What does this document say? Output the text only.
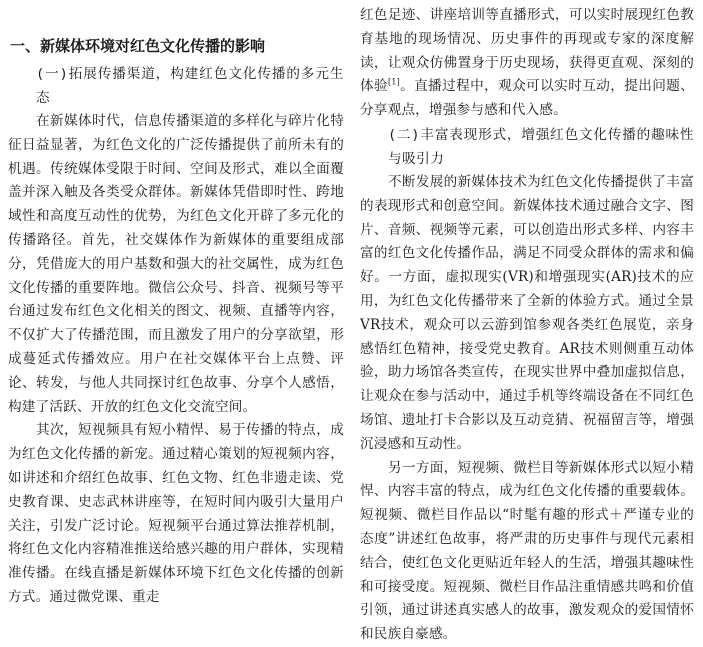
一、新媒体环境对红色文化传播的影响
(一)拓展传播渠道，构建红色文化传播的多元生态

在新媒体时代，信息传播渠道的多样化与碎片化特征日益显著，为红色文化的广泛传播提供了前所未有的机遇。传统媒体受限于时间、空间及形式，难以全面覆盖并深入触及各类受众群体。新媒体凭借即时性、跨地域性和高度互动性的优势，为红色文化开辟了多元化的传播路径。首先，社交媒体作为新媒体的重要组成部分，凭借庞大的用户基数和强大的社交属性，成为红色文化传播的重要阵地。微信公众号、抖音、视频号等平台通过发布红色文化相关的图文、视频、直播等内容，不仅扩大了传播范围，而且激发了用户的分享欲望，形成蔓延式传播效应。用户在社交媒体平台上点赞、评论、转发，与他人共同探讨红色故事、分享个人感悟，构建了活跃、开放的红色文化交流空间。

其次，短视频具有短小精悍、易于传播的特点，成为红色文化传播的新宠。通过精心策划的短视频内容，如讲述和介绍红色故事、红色文物、红色非遗走读、党史教育课、史志武林讲座等，在短时间内吸引大量用户关注，引发广泛讨论。短视频平台通过算法推荐机制，将红色文化内容精准推送给感兴趣的用户群体，实现精准传播。在线直播是新媒体环境下红色文化传播的创新方式。通过微党课、重走

红色足迹、讲座培训等直播形式，可以实时展现红色教育基地的现场情况、历史事件的再现或专家的深度解读，让观众仿佛置身于历史现场，获得更直观、深刻的体验[1]。直播过程中，观众可以实时互动，提出问题、分享观点，增强参与感和代入感。

(二)丰富表现形式，增强红色文化传播的趣味性与吸引力

不断发展的新媒体技术为红色文化传播提供了丰富的表现形式和创意空间。新媒体技术通过融合文字、图片、音频、视频等元素，可以创造出形式多样、内容丰富的红色文化传播作品，满足不同受众群体的需求和偏好。一方面，虚拟现实(VR)和增强现实(AR)技术的应用，为红色文化传播带来了全新的体验方式。通过全景VR技术，观众可以云游到馆参观各类红色展览，亲身感悟红色精神，接受党史教育。AR技术则侧重互动体验，助力场馆各类宣传，在现实世界中叠加虚拟信息，让观众在参与活动中，通过手机等终端设备在不同红色场馆、遗址打卡合影以及互动竞猜、祝福留言等，增强沉浸感和互动性。

另一方面，短视频、微栏目等新媒体形式以短小精悍、内容丰富的特点，成为红色文化传播的重要载体。短视频、微栏目作品以“时髦有趣的形式＋严谨专业的态度”讲述红色故事，将严肃的历史事件与现代元素相结合，使红色文化更贴近年轻人的生活，增强其趣味性和可接受度。短视频、微栏目作品注重情感共鸣和价值引领，通过讲述真实感人的故事，激发观众的爱国情怀和民族自豪感。
